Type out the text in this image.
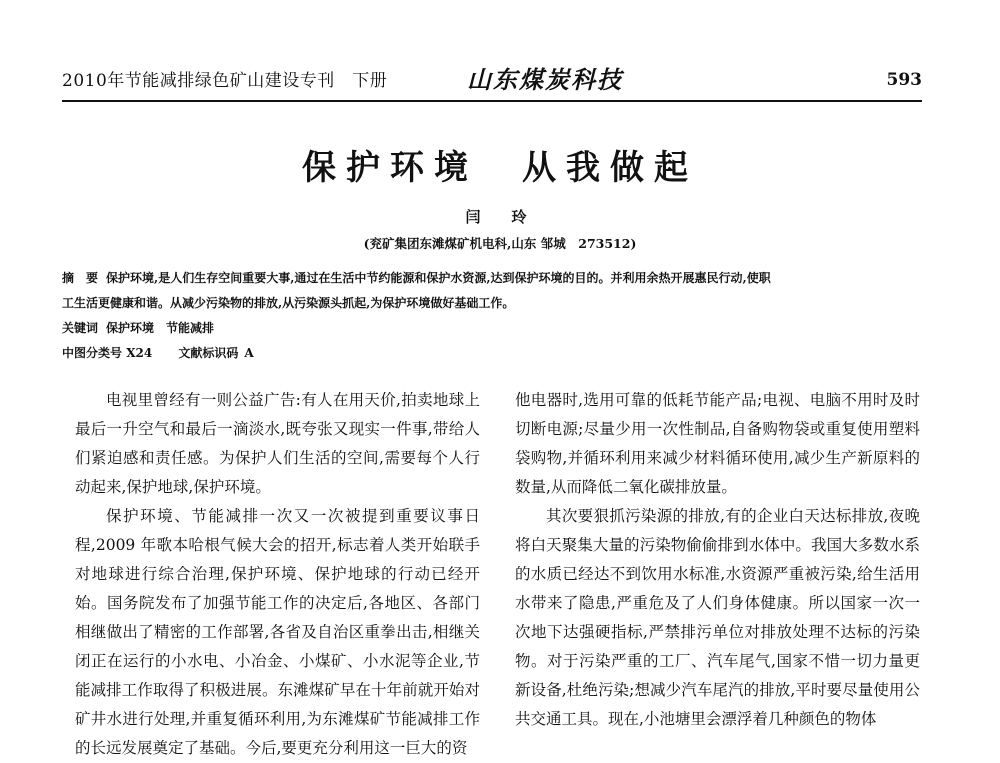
2010年节能减排绿色矿山建设专刊　下册	山东煤炭科技	593
保护环境　从我做起
闫　玲
(兖矿集团东滩煤矿机电科,山东 邹城　273512)
摘　要 保护环境,是人们生存空间重要大事,通过在生活中节约能源和保护水资源,达到保护环境的目的。并利用余热开展惠民行动,使职
工生活更健康和谐。从减少污染物的排放,从污染源头抓起,为保护环境做好基础工作。
关键词 保护环境　节能减排
中图分类号 X24 文献标识码 A

电视里曾经有一则公益广告:有人在用天价,拍卖地球上最后一升空气和最后一滴淡水,既夸张又现实一件事,带给人们紧迫感和责任感。为保护人们生活的空间,需要每个人行动起来,保护地球,保护环境。

保护环境、节能减排一次又一次被提到重要议事日程,2009 年歌本哈根气候大会的招开,标志着人类开始联手对地球进行综合治理,保护环境、保护地球的行动已经开始。国务院发布了加强节能工作的决定后,各地区、各部门相继做出了精密的工作部署,各省及自治区重拳出击,相继关闭正在运行的小水电、小冶金、小煤矿、小水泥等企业,节能减排工作取得了积极进展。东滩煤矿早在十年前就开始对矿井水进行处理,并重复循环利用,为东滩煤矿节能减排工作的长远发展奠定了基础。今后,要更充分利用这一巨大的资

他电器时,选用可靠的低耗节能产品;电视、电脑不用时及时切断电源;尽量少用一次性制品,自备购物袋或重复使用塑料袋购物,并循环利用来减少材料循环使用,减少生产新原料的数量,从而降低二氧化碳排放量。

其次要狠抓污染源的排放,有的企业白天达标排放,夜晚将白天聚集大量的污染物偷偷排到水体中。我国大多数水系的水质已经达不到饮用水标准,水资源严重被污染,给生活用水带来了隐患,严重危及了人们身体健康。所以国家一次一次地下达强硬指标,严禁排污单位对排放处理不达标的污染物。对于污染严重的工厂、汽车尾气,国家不惜一切力量更新设备,杜绝污染;想减少汽车尾汽的排放,平时要尽量使用公共交通工具。现在,小池塘里会漂浮着几种颜色的物体
